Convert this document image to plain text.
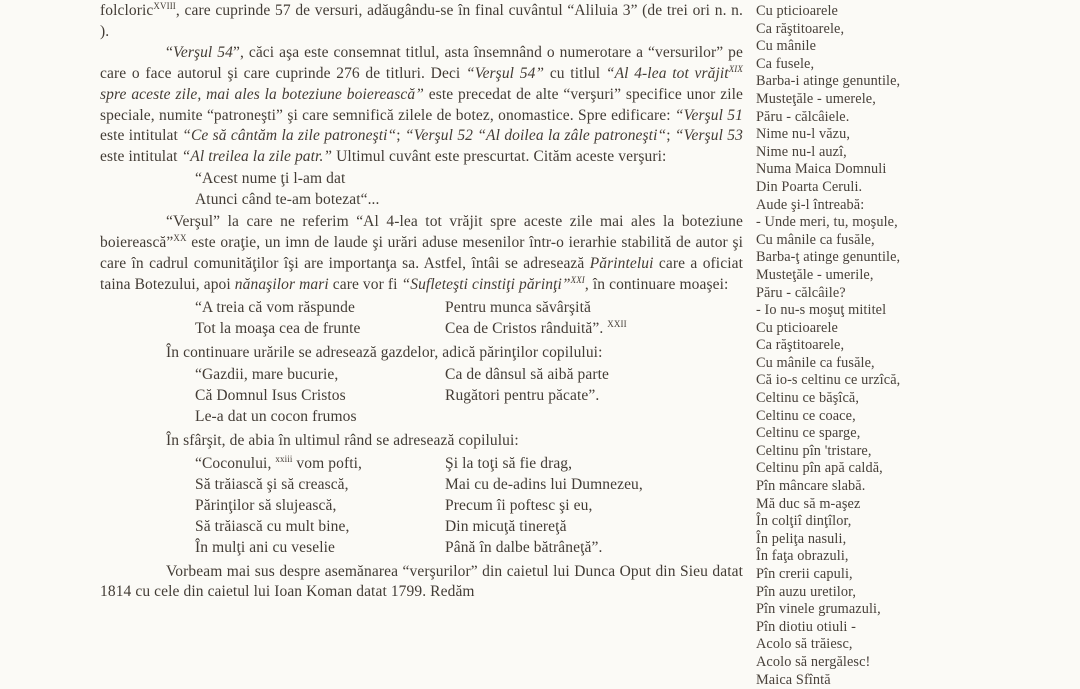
folcloric$^{XVIII}$, care cuprinde 57 de versuri, adăugându-se în final cuvântul “Aliluia 3” (de trei ori n. n. ).

“Verşul 54”, căci aşa este consemnat titlul, asta însemnând o numerotare a “versurilor” pe care o face autorul şi care cuprinde 276 de titluri. Deci “Verşul 54” cu titlul “Al 4-lea tot vrăjit$^{XIX}$ spre aceste zile, mai ales la boteziune boierească” este precedat de alte “verşuri” specifice unor zile speciale, numite “patroneşti” şi care semnifică zilele de botez, onomastice. Spre edificare: “Verşul 51 este intitulat “Ce să cântăm la zile patroneşti“; “Verşul 52 “Al doilea la zâle patroneşti“; “Verşul 53 este intitulat “Al treilea la zile patr.” Ultimul cuvânt este prescurtat. Cităm aceste verşuri:

“Acest nume ţi l-am dat
Atunci când te-am botezat“...

“Verşul” la care ne referim “Al 4-lea tot vrăjit spre aceste zile mai ales la boteziune boierească”$^{XX}$ este oraţie, un imn de laude şi urări aduse mesenilor într-o ierarhie stabilită de autor şi care în cadrul comunităţilor îşi are importanţa sa. Astfel, întâi se adresează Părintelui care a oficiat taina Botezului, apoi nănaşilor mari care vor fi “Sufleteşti cinstiţi părinţi”$^{XXI}$, în continuare moaşei:

“A treia că vom răspunde
Tot la moaşa cea de frunte
Pentru munca săvârşită
Cea de Cristos rânduită”. $^{XXII}$

În continuare urările se adresează gazdelor, adică părinţilor copilului:

“Gazdii, mare bucurie,
Că Domnul Isus Cristos
Le-a dat un cocon frumos
Ca de dânsul să aibă parte
Rugători pentru păcate”.

În sfârşit, de abia în ultimul rând se adresează copilului:

“Coconului, $^{xxiii}$ vom pofti,
Să trăiască şi să crească,
Părinţilor să slujească,
Să trăiască cu mult bine,
În mulţi ani cu veselie
Şi la toţi să fie drag,
Mai cu de-adins lui Dumnezeu,
Precum îi poftesc şi eu,
Din micuţă tinereţă
Până în dalbe bătrâneţă”.

Vorbeam mai sus despre asemănarea “verşurilor” din caietul lui Dunca Oput din Sieu datat 1814 cu cele din caietul lui Ioan Koman datat 1799. Redăm

Cu pticioarele
Ca răştitoarele,
Cu mânile
Ca fusele,
Barba-i atinge genuntile,
Musteţăle - umerele,
Păru - călcâiele.
Nime nu-l văzu,
Nime nu-l auzî,
Numa Maica Domnuli
Din Poarta Ceruli.
Aude şi-l întreabă:
- Unde meri, tu, moşule,
Cu mânile ca fusăle,
Barba-ţ atinge genuntile,
Musteţăle - umerile,
Păru - călcâile?
- Io nu-s moşuţ mititel
Cu pticioarele
Ca răştitoarele,
Cu mânile ca fusăle,
Că io-s celtinu ce urzîcă,
Celtinu ce băşîcă,
Celtinu ce coace,
Celtinu ce sparge,
Celtinu pîn 'tristare,
Celtinu pîn apă caldă,
Pîn mâncare slabă.
Mă duc să m-aşez
În colţiî dinţîlor,
În peliţa nasuli,
În faţa obrazuli,
Pîn crerii capuli,
Pîn auzu uretilor,
Pîn vinele grumazuli,
Pîn diotiu otiuli -
Acolo să trăiesc,
Acolo să nergălesc!
Maica Sfîntă
